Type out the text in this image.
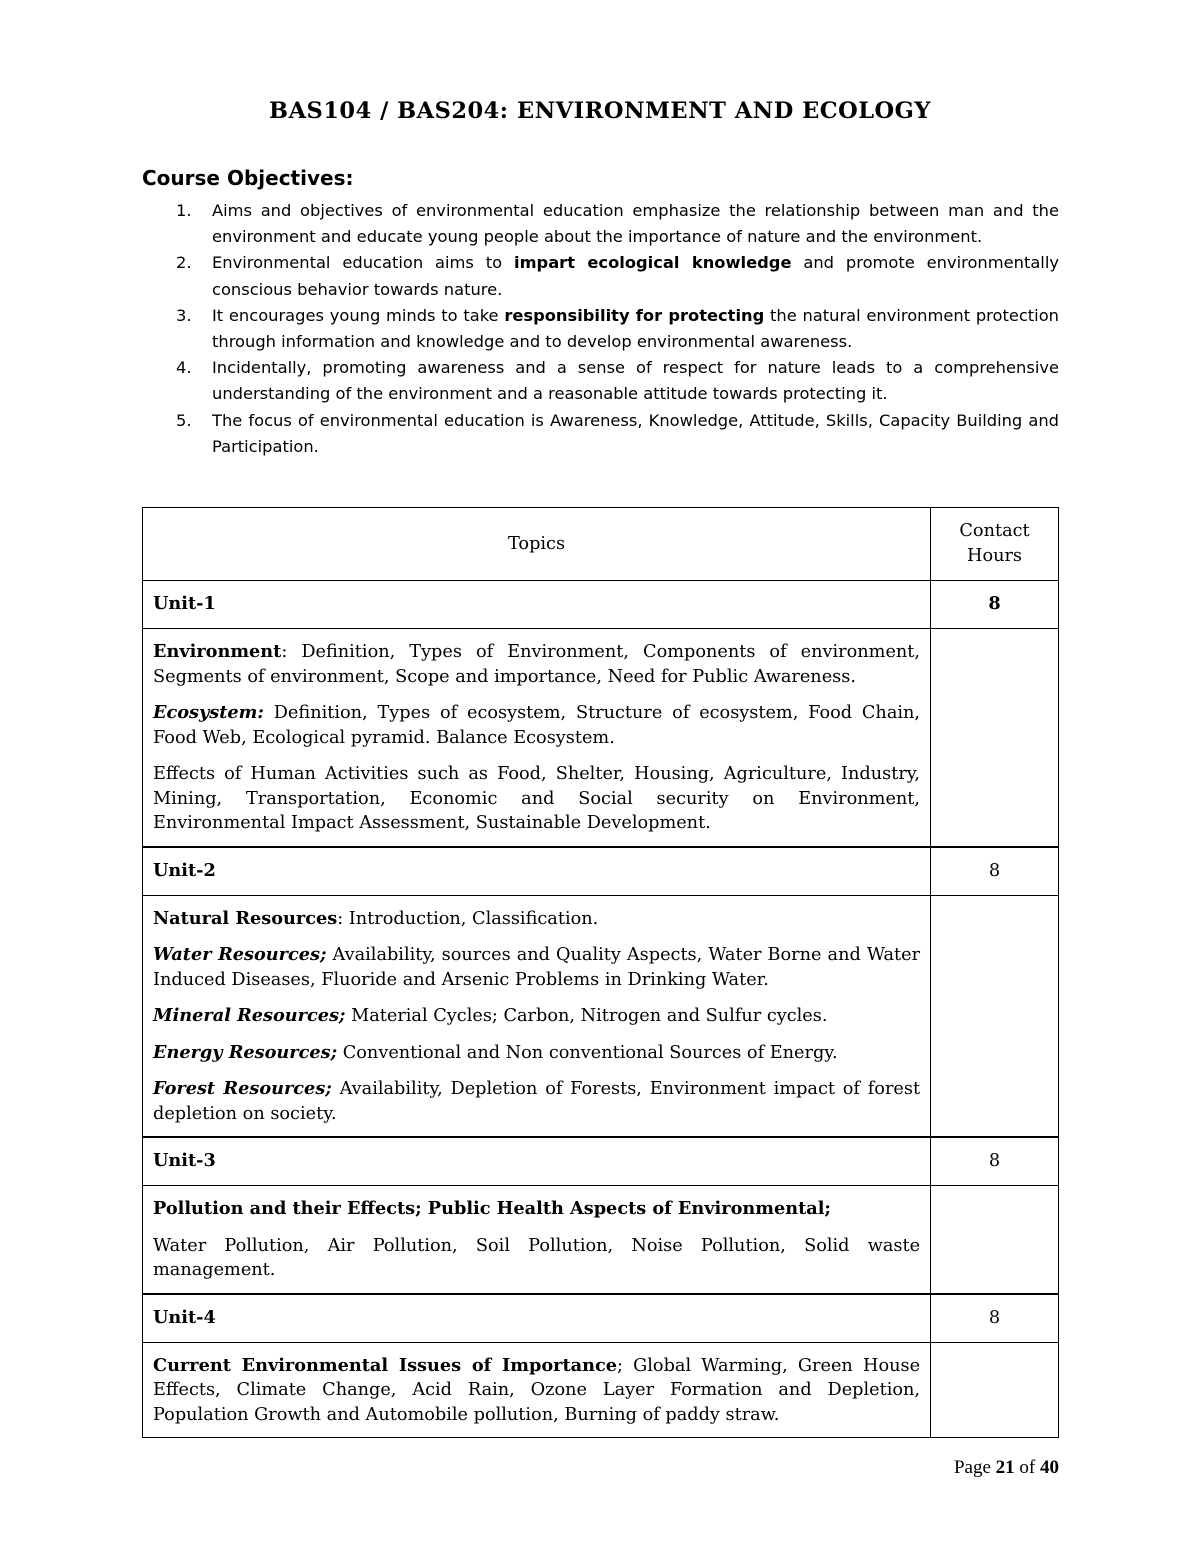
BAS104 / BAS204: ENVIRONMENT AND ECOLOGY
Course Objectives:
1. Aims and objectives of environmental education emphasize the relationship between man and the environment and educate young people about the importance of nature and the environment.
2. Environmental education aims to impart ecological knowledge and promote environmentally conscious behavior towards nature.
3. It encourages young minds to take responsibility for protecting the natural environment protection through information and knowledge and to develop environmental awareness.
4. Incidentally, promoting awareness and a sense of respect for nature leads to a comprehensive understanding of the environment and a reasonable attitude towards protecting it.
5. The focus of environmental education is Awareness, Knowledge, Attitude, Skills, Capacity Building and Participation.
Topics	Contact
Hours
Unit-1	8

Environment: Definition, Types of Environment, Components of environment, Segments of environment, Scope and importance, Need for Public Awareness.

Ecosystem: Definition, Types of ecosystem, Structure of ecosystem, Food Chain, Food Web, Ecological pyramid. Balance Ecosystem.

Effects of Human Activities such as Food, Shelter, Housing, Agriculture, Industry, Mining, Transportation, Economic and Social security on Environment, Environmental Impact Assessment, Sustainable Development.	

Unit-2	8

Natural Resources: Introduction, Classification.

Water Resources; Availability, sources and Quality Aspects, Water Borne and Water Induced Diseases, Fluoride and Arsenic Problems in Drinking Water.

Mineral Resources; Material Cycles; Carbon, Nitrogen and Sulfur cycles.

Energy Resources; Conventional and Non conventional Sources of Energy.

Forest Resources; Availability, Depletion of Forests, Environment impact of forest depletion on society.	

Unit-3	8

Pollution and their Effects; Public Health Aspects of Environmental;

Water Pollution, Air Pollution, Soil Pollution, Noise Pollution, Solid waste management.	

Unit-4	8

Current Environmental Issues of Importance; Global Warming, Green House Effects, Climate Change, Acid Rain, Ozone Layer Formation and Depletion, Population Growth and Automobile pollution, Burning of paddy straw.	

Page 21 of 40
